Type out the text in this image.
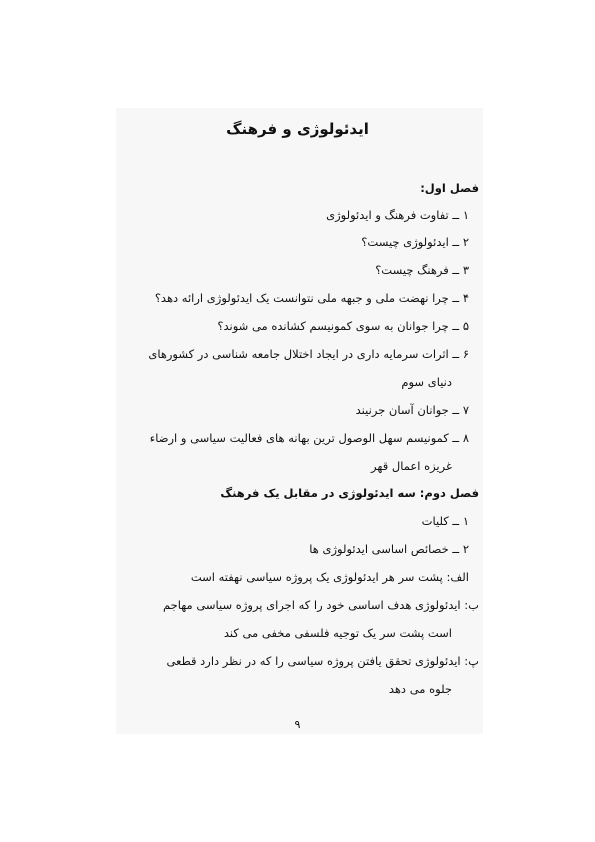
ایدئولوژی و فرهنگ
فصل اول:
۱ ــ تفاوت فرهنگ و ایدئولوژی
۲ ــ ایدئولوژی چیست؟
۳ ــ فرهنگ چیست؟
۴ ــ چرا نهضت ملی و جبهه ملی نتوانست یک ایدئولوژی ارائه دهد؟
۵ ــ چرا جوانان به سوی کمونیسم کشانده می شوند؟
۶ ــ اثرات سرمایه داری در ایجاد اختلال جامعه شناسی در کشورهای
دنیای سوم
۷ ــ جوانان آسان جرنیند
۸ ــ کمونیسم سهل الوصول ترین بهانه های فعالیت سیاسی و ارضاء
غریزه اعمال قهر
فصل دوم: سه ایدئولوژی در مقابل یک فرهنگ
۱ ــ کلیات
۲ ــ خصائص اساسی ایدئولوژی ها
الف: پشت سر هر ایدئولوژی یک پروژه سیاسی نهفته است
ب: ایدئولوژی هدف اساسی خود را که اجرای پروژه سیاسی مهاجم
است پشت سر یک توجیه فلسفی مخفی می کند
پ: ایدئولوژی تحقق یافتن پروژه سیاسی را که در نظر دارد قطعی
جلوه می دهد
۹
